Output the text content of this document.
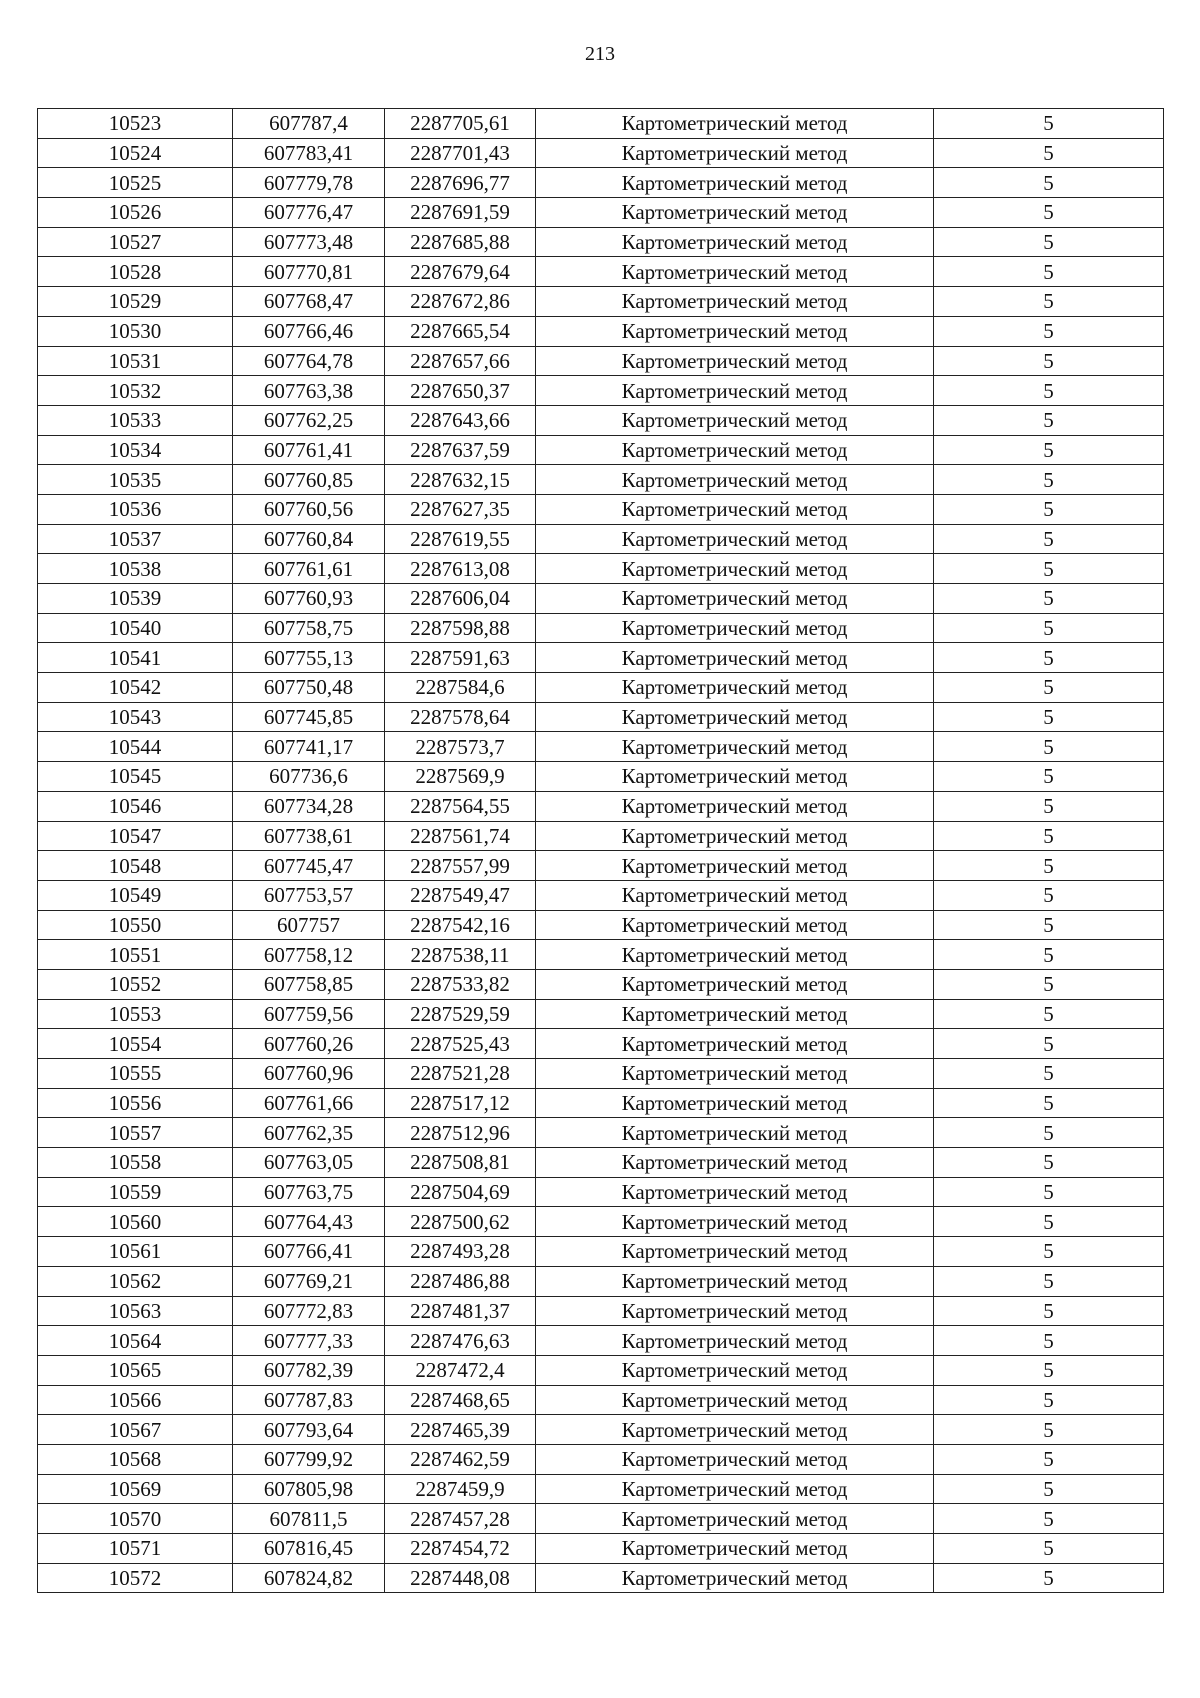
213
10523	607787,4	2287705,61	Картометрический метод	5
10524	607783,41	2287701,43	Картометрический метод	5
10525	607779,78	2287696,77	Картометрический метод	5
10526	607776,47	2287691,59	Картометрический метод	5
10527	607773,48	2287685,88	Картометрический метод	5
10528	607770,81	2287679,64	Картометрический метод	5
10529	607768,47	2287672,86	Картометрический метод	5
10530	607766,46	2287665,54	Картометрический метод	5
10531	607764,78	2287657,66	Картометрический метод	5
10532	607763,38	2287650,37	Картометрический метод	5
10533	607762,25	2287643,66	Картометрический метод	5
10534	607761,41	2287637,59	Картометрический метод	5
10535	607760,85	2287632,15	Картометрический метод	5
10536	607760,56	2287627,35	Картометрический метод	5
10537	607760,84	2287619,55	Картометрический метод	5
10538	607761,61	2287613,08	Картометрический метод	5
10539	607760,93	2287606,04	Картометрический метод	5
10540	607758,75	2287598,88	Картометрический метод	5
10541	607755,13	2287591,63	Картометрический метод	5
10542	607750,48	2287584,6	Картометрический метод	5
10543	607745,85	2287578,64	Картометрический метод	5
10544	607741,17	2287573,7	Картометрический метод	5
10545	607736,6	2287569,9	Картометрический метод	5
10546	607734,28	2287564,55	Картометрический метод	5
10547	607738,61	2287561,74	Картометрический метод	5
10548	607745,47	2287557,99	Картометрический метод	5
10549	607753,57	2287549,47	Картометрический метод	5
10550	607757	2287542,16	Картометрический метод	5
10551	607758,12	2287538,11	Картометрический метод	5
10552	607758,85	2287533,82	Картометрический метод	5
10553	607759,56	2287529,59	Картометрический метод	5
10554	607760,26	2287525,43	Картометрический метод	5
10555	607760,96	2287521,28	Картометрический метод	5
10556	607761,66	2287517,12	Картометрический метод	5
10557	607762,35	2287512,96	Картометрический метод	5
10558	607763,05	2287508,81	Картометрический метод	5
10559	607763,75	2287504,69	Картометрический метод	5
10560	607764,43	2287500,62	Картометрический метод	5
10561	607766,41	2287493,28	Картометрический метод	5
10562	607769,21	2287486,88	Картометрический метод	5
10563	607772,83	2287481,37	Картометрический метод	5
10564	607777,33	2287476,63	Картометрический метод	5
10565	607782,39	2287472,4	Картометрический метод	5
10566	607787,83	2287468,65	Картометрический метод	5
10567	607793,64	2287465,39	Картометрический метод	5
10568	607799,92	2287462,59	Картометрический метод	5
10569	607805,98	2287459,9	Картометрический метод	5
10570	607811,5	2287457,28	Картометрический метод	5
10571	607816,45	2287454,72	Картометрический метод	5
10572	607824,82	2287448,08	Картометрический метод	5
